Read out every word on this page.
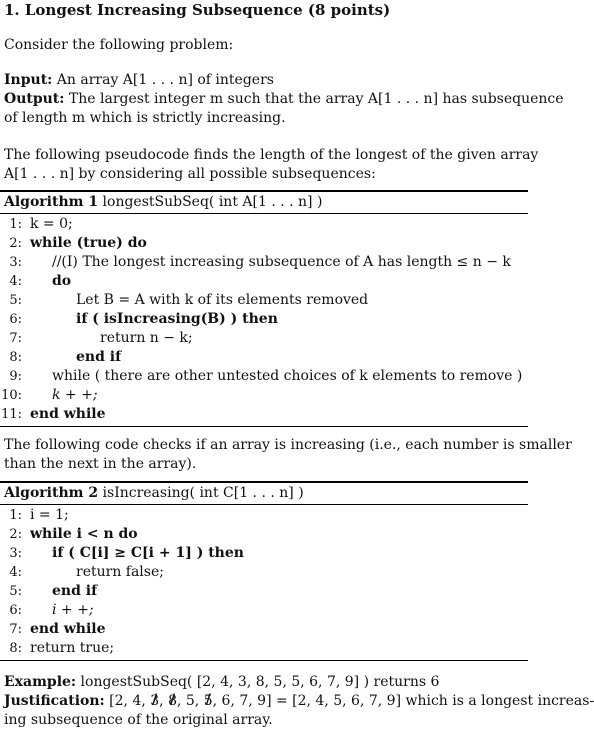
1. Longest Increasing Subsequence (8 points)
Consider the following problem:
Input: An array A[1 . . . n] of integers
Output: The largest integer m such that the array A[1 . . . n] has subsequence
of length m which is strictly increasing.
The following pseudocode finds the length of the longest of the given array
A[1 . . . n] by considering all possible subsequences:
Algorithm 1 longestSubSeq( int A[1 . . . n] )
1: k = 0;
2: while (true) do
3: //(I) The longest increasing subsequence of A has length ≤ n − k
4: do
5:	Let B = A with k of its elements removed
6:	if ( isIncreasing(B) ) then
7:	return n − k;
8:	end if
9: while ( there are other untested choices of k elements to remove )
10: k + +;
11: end while
The following code checks if an array is increasing (i.e., each number is smaller
than the next in the array).
Algorithm 2 isIncreasing( int C[1 . . . n] )
1: i = 1;
2: while i < n do
3: if ( C[i] ≥ C[i + 1] ) then
4:	return false;
5: end if
6: i + +;
7: end while
8: return true;
Example: longestSubSeq( [2, 4, 3, 8, 5, 5, 6, 7, 9] ) returns 6
Justification: [2, 4, 3 /, 8 /, 5, 5 /, 6, 7, 9] = [2, 4, 5, 6, 7, 9] which is a longest increas-
ing subsequence of the original array.
